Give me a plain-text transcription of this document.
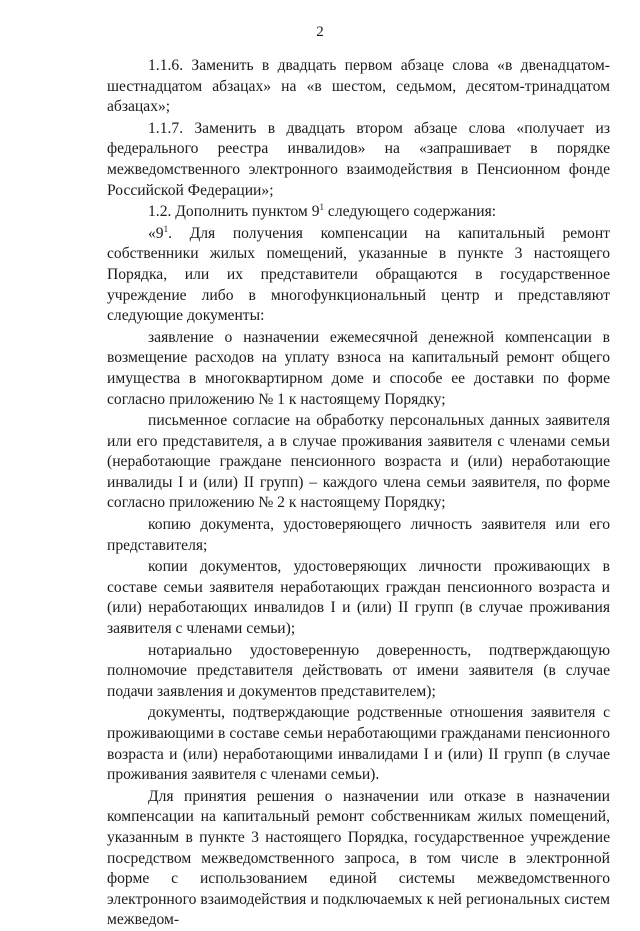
2

1.1.6. Заменить в двадцать первом абзаце слова «в двенадцатом-шестнадцатом абзацах» на «в шестом, седьмом, десятом-тринадцатом абзацах»;

1.1.7. Заменить в двадцать втором абзаце слова «получает из федерального реестра инвалидов» на «запрашивает в порядке межведомственного электронного взаимодействия в Пенсионном фонде Российской Федерации»;

1.2. Дополнить пунктом $9^1$ следующего содержания:

«$9^1$. Для получения компенсации на капитальный ремонт собственники жилых помещений, указанные в пункте 3 настоящего Порядка, или их представители обращаются в государственное учреждение либо в многофункциональный центр и представляют следующие документы:

заявление о назначении ежемесячной денежной компенсации в возмещение расходов на уплату взноса на капитальный ремонт общего имущества в многоквартирном доме и способе ее доставки по форме согласно приложению № 1 к настоящему Порядку;

письменное согласие на обработку персональных данных заявителя или его представителя, а в случае проживания заявителя с членами семьи (неработающие граждане пенсионного возраста и (или) неработающие инвалиды I и (или) II групп) – каждого члена семьи заявителя, по форме согласно приложению № 2 к настоящему Порядку;

копию документа, удостоверяющего личность заявителя или его представителя;

копии документов, удостоверяющих личности проживающих в составе семьи заявителя неработающих граждан пенсионного возраста и (или) неработающих инвалидов I и (или) II групп (в случае проживания заявителя с членами семьи);

нотариально удостоверенную доверенность, подтверждающую полномочие представителя действовать от имени заявителя (в случае подачи заявления и документов представителем);

документы, подтверждающие родственные отношения заявителя с проживающими в составе семьи неработающими гражданами пенсионного возраста и (или) неработающими инвалидами I и (или) II групп (в случае проживания заявителя с членами семьи).

Для принятия решения о назначении или отказе в назначении компенсации на капитальный ремонт собственникам жилых помещений, указанным в пункте 3 настоящего Порядка, государственное учреждение посредством межведомственного запроса, в том числе в электронной форме с использованием единой системы межведомственного электронного взаимодействия и подключаемых к ней региональных систем межведом-
